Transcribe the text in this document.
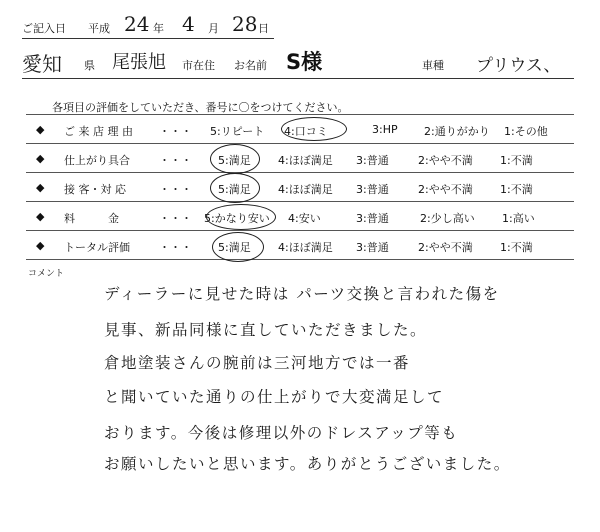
ご記入日 平成 24 年 4 月 28 日
愛知 県 尾張旭 市在住 お名前 S様	車種 プリウス、
各項目の評価をしていただき、番号に〇をつけてください。
◆ ご 来 店 理 由 ・・・ 5:リピート 4:口コミ	3:HP 2:通りがかり 1:その他
◆ 仕上がり具合	・・・ 5:満足 4:ほぼ満足 3:普通	2:やや不満 1:不満
◆ 接 客・対 応	・・・ 5:満足 4:ほぼ満足 3:普通	2:やや不満 1:不満
◆ 料　　　金	・・・ 5:かなり安い 4:安い	3:普通	2:少し高い 1:高い
◆ トータル評価	・・・ 5:満足 4:ほぼ満足 3:普通	2:やや不満 1:不満
コメント
ディーラーに見せた時は パーツ交換と言われた傷を
見事、新品同様に直していただきました。
倉地塗装さんの腕前は三河地方では一番
と聞いていた通りの仕上がりで大変満足して
おります。今後は修理以外のドレスアップ等も
お願いしたいと思います。ありがとうございました。
